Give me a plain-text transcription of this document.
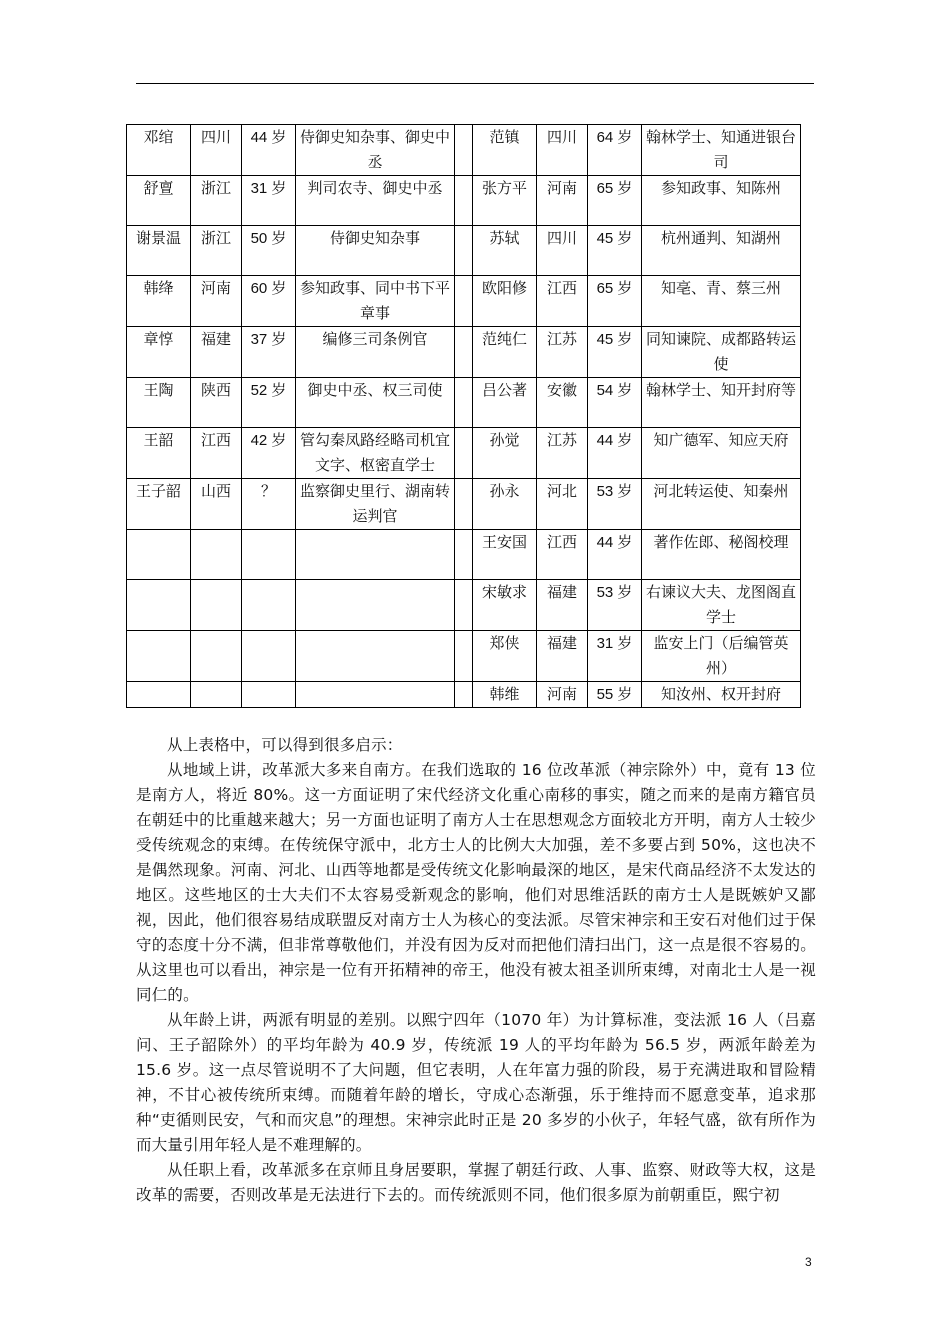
邓绾	四川	44 岁	侍御史知杂事、御史中丞		范镇	四川	64 岁	翰林学士、知通进银台司
舒亶	浙江	31 岁	判司农寺、御史中丞		张方平	河南	65 岁	参知政事、知陈州
谢景温	浙江	50 岁	侍御史知杂事		苏轼	四川	45 岁	杭州通判、知湖州
韩绛	河南	60 岁	参知政事、同中书下平章事		欧阳修	江西	65 岁	知亳、青、蔡三州
章惇	福建	37 岁	编修三司条例官		范纯仁	江苏	45 岁	同知谏院、成都路转运使
王陶	陕西	52 岁	御史中丞、权三司使		吕公著	安徽	54 岁	翰林学士、知开封府等
王韶	江西	42 岁	管勾秦凤路经略司机宜文字、枢密直学士		孙觉	江苏	44 岁	知广德军、知应天府
王子韶	山西	？	监察御史里行、湖南转运判官		孙永	河北	53 岁	河北转运使、知秦州
					王安国	江西	44 岁	著作佐郎、秘阁校理
					宋敏求	福建	53 岁	右谏议大夫、龙图阁直学士
					郑侠	福建	31 岁	监安上门（后编管英州）
					韩维	河南	55 岁	知汝州、权开封府

从上表格中，可以得到很多启示：

从地域上讲，改革派大多来自南方。在我们选取的 16 位改革派（神宗除外）中，竟有 13 位是南方人，将近 80%。这一方面证明了宋代经济文化重心南移的事实，随之而来的是南方籍官员在朝廷中的比重越来越大；另一方面也证明了南方人士在思想观念方面较北方开明，南方人士较少受传统观念的束缚。在传统保守派中，北方士人的比例大大加强，差不多要占到 50%，这也决不是偶然现象。河南、河北、山西等地都是受传统文化影响最深的地区，是宋代商品经济不太发达的地区。这些地区的士大夫们不太容易受新观念的影响，他们对思维活跃的南方士人是既嫉妒又鄙视，因此，他们很容易结成联盟反对南方士人为核心的变法派。尽管宋神宗和王安石对他们过于保守的态度十分不满，但非常尊敬他们，并没有因为反对而把他们清扫出门，这一点是很不容易的。从这里也可以看出，神宗是一位有开拓精神的帝王，他没有被太祖圣训所束缚，对南北士人是一视同仁的。

从年龄上讲，两派有明显的差别。以熙宁四年（1070 年）为计算标准，变法派 16 人（吕嘉问、王子韶除外）的平均年龄为 40.9 岁，传统派 19 人的平均年龄为 56.5 岁，两派年龄差为 15.6 岁。这一点尽管说明不了大问题，但它表明，人在年富力强的阶段，易于充满进取和冒险精神，不甘心被传统所束缚。而随着年龄的增长，守成心态渐强，乐于维持而不愿意变革，追求那种“吏循则民安，气和而灾息”的理想。宋神宗此时正是 20 多岁的小伙子，年轻气盛，欲有所作为而大量引用年轻人是不难理解的。

从任职上看，改革派多在京师且身居要职，掌握了朝廷行政、人事、监察、财政等大权，这是改革的需要，否则改革是无法进行下去的。而传统派则不同，他们很多原为前朝重臣，熙宁初

3
